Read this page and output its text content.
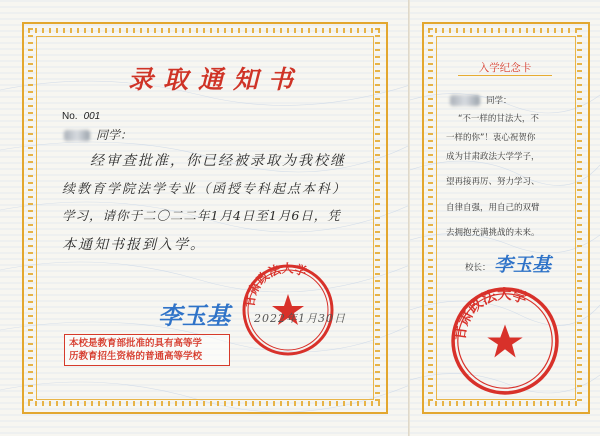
录取通知书
No. 001
同学：
经审查批准，你已经被录取为我校继
续教育学院法学专业（函授专科起点本科）
学习，请你于二〇二二年1月4日至1月6日，凭
本通知书报到入学。
李玉基 甘肃政法大学
2022年1月30日
本校是教育部批准的具有高等学
历教育招生资格的普通高等学校
入学纪念卡
同学：
“不一样的甘法大，不
一样的你”！衷心祝贺你
成为甘肃政法大学学子，
望再接再厉、努力学习、
自律自强，用自己的双臂
去拥抱充满挑战的未来。
校长： 李玉基
甘肃政法大学
